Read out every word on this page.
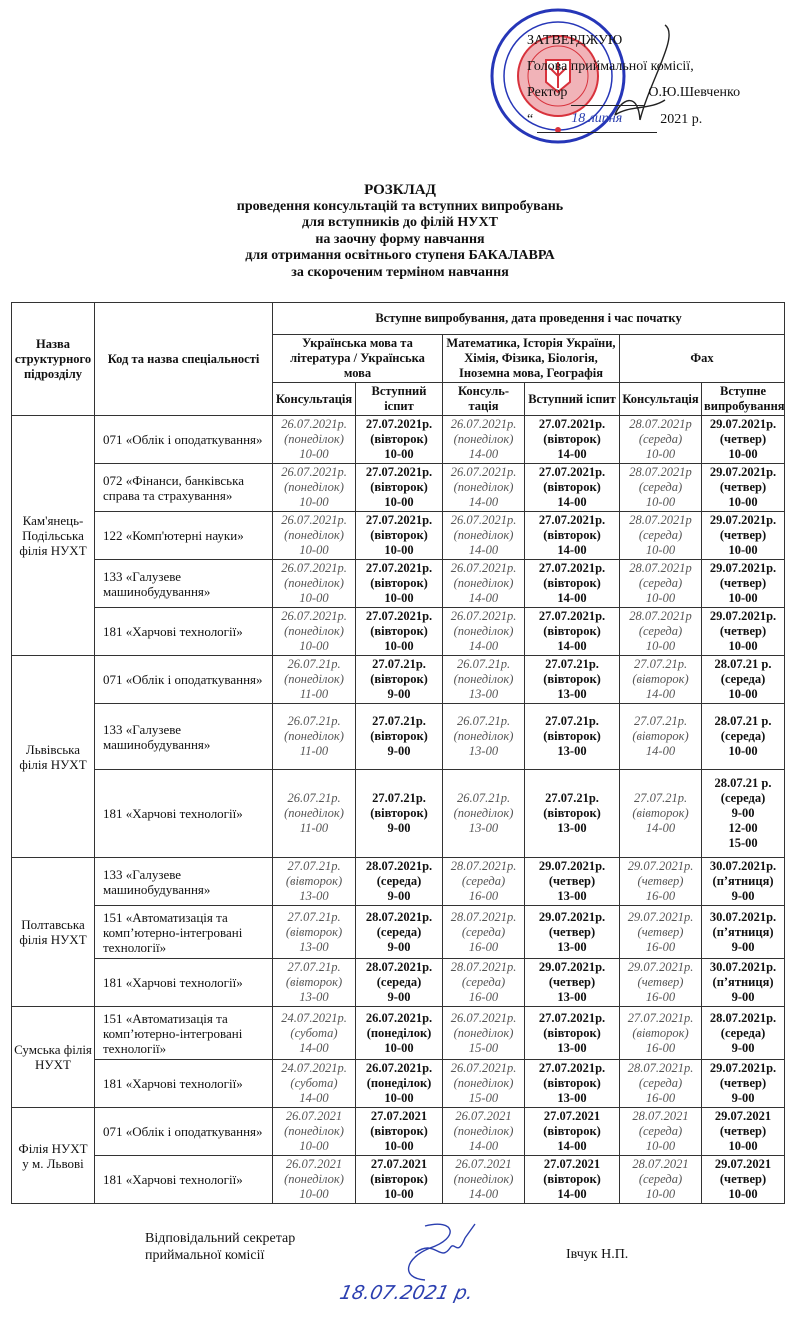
ЗАТВЕРДЖУЮ
Голова приймальної комісії,
Ректор	О.Ю.Шевченко
“	18 липня	2021 р.
РОЗКЛАД
проведення консультацій та вступних випробувань
для вступників до філій НУХТ
на заочну форму навчання
для отримання освітнього ступеня БАКАЛАВРА
за скороченим терміном навчання
Назва структурного підрозділу	Код та назва спеціальності	Вступне випробування, дата проведення і час початку					
		Українська мова та література / Українська мова		Математика, Історія України, Хімія, Фізика, Біологія, Іноземна мова, Географія		Фах	
		Консультація	Вступний іспит	Консуль-тація	Вступний іспит	Консультація	Вступне випробування
Кам'янець-Подільська філія НУХТ	071 «Облік і оподаткування»	26.07.2021р.
(понеділок)
10-00	27.07.2021р.
(вівторок)
10-00	26.07.2021р.
(понеділок)
14-00	27.07.2021р.
(вівторок)
14-00	28.07.2021р
(середа)
10-00	29.07.2021р.
(четвер)
10-00

	072 «Фінанси, банківська справа та страхування»	26.07.2021р.
(понеділок)
10-00	27.07.2021р.
(вівторок)
10-00	26.07.2021р.
(понеділок)
14-00	27.07.2021р.
(вівторок)
14-00	28.07.2021р
(середа)
10-00	29.07.2021р.
(четвер)
10-00

	122 «Комп'ютерні науки»	26.07.2021р.
(понеділок)
10-00	27.07.2021р.
(вівторок)
10-00	26.07.2021р.
(понеділок)
14-00	27.07.2021р.
(вівторок)
14-00	28.07.2021р
(середа)
10-00	29.07.2021р.
(четвер)
10-00

	133 «Галузеве машинобудування»	26.07.2021р.
(понеділок)
10-00	27.07.2021р.
(вівторок)
10-00	26.07.2021р.
(понеділок)
14-00	27.07.2021р.
(вівторок)
14-00	28.07.2021р
(середа)
10-00	29.07.2021р.
(четвер)
10-00

	181 «Харчові технології»	26.07.2021р.
(понеділок)
10-00	27.07.2021р.
(вівторок)
10-00	26.07.2021р.
(понеділок)
14-00	27.07.2021р.
(вівторок)
14-00	28.07.2021р
(середа)
10-00	29.07.2021р.
(четвер)
10-00

Львівська філія НУХТ	071 «Облік і оподаткування»	26.07.21р.
(понеділок)
11-00	27.07.21р.
(вівторок)
9-00	26.07.21р.
(понеділок)
13-00	27.07.21р.
(вівторок)
13-00	27.07.21р.
(вівторок)
14-00	28.07.21 р.
(середа)
10-00

	133 «Галузеве машинобудування»	26.07.21р.
(понеділок)
11-00	27.07.21р.
(вівторок)
9-00	26.07.21р.
(понеділок)
13-00	27.07.21р.
(вівторок)
13-00	27.07.21р.
(вівторок)
14-00	28.07.21 р.
(середа)
10-00

	181 «Харчові технології»	26.07.21р.
(понеділок)
11-00	27.07.21р.
(вівторок)
9-00	26.07.21р.
(понеділок)
13-00	27.07.21р.
(вівторок)
13-00	27.07.21р.
(вівторок)
14-00	28.07.21 р.
(середа)
9-00
12-00
15-00

Полтавська філія НУХТ	133 «Галузеве машинобудування»	27.07.21р.
(вівторок)
13-00	28.07.2021р.
(середа)
9-00	28.07.2021р.
(середа)
16-00	29.07.2021р.
(четвер)
13-00	29.07.2021р.
(четвер)
16-00	30.07.2021р.
(п’ятниця)
9-00

	151 «Автоматизація та комп’ютерно-інтегровані технології»	27.07.21р.
(вівторок)
13-00	28.07.2021р.
(середа)
9-00	28.07.2021р.
(середа)
16-00	29.07.2021р.
(четвер)
13-00	29.07.2021р.
(четвер)
16-00	30.07.2021р.
(п’ятниця)
9-00

	181 «Харчові технології»	27.07.21р.
(вівторок)
13-00	28.07.2021р.
(середа)
9-00	28.07.2021р.
(середа)
16-00	29.07.2021р.
(четвер)
13-00	29.07.2021р.
(четвер)
16-00	30.07.2021р.
(п’ятниця)
9-00

Сумська філія НУХТ	151 «Автоматизація та комп’ютерно-інтегровані технології»	24.07.2021р.
(субота)
14-00	26.07.2021р.
(понеділок)
10-00	26.07.2021р.
(понеділок)
15-00	27.07.2021р.
(вівторок)
13-00	27.07.2021р.
(вівторок)
16-00	28.07.2021р.
(середа)
9-00

	181 «Харчові технології»	24.07.2021р.
(субота)
14-00	26.07.2021р.
(понеділок)
10-00	26.07.2021р.
(понеділок)
15-00	27.07.2021р.
(вівторок)
13-00	28.07.2021р.
(середа)
16-00	29.07.2021р.
(четвер)
9-00

Філія НУХТ у м. Львові	071 «Облік і оподаткування»	26.07.2021
(понеділок)
10-00	27.07.2021
(вівторок)
10-00	26.07.2021
(понеділок)
14-00	27.07.2021
(вівторок)
14-00	28.07.2021
(середа)
10-00	29.07.2021
(четвер)
10-00

	181 «Харчові технології»	26.07.2021
(понеділок)
10-00	27.07.2021
(вівторок)
10-00	26.07.2021
(понеділок)
14-00	27.07.2021
(вівторок)
14-00	28.07.2021
(середа)
10-00	29.07.2021
(четвер)
10-00
Відповідальний секретар
приймальної комісії	Івчук Н.П.
18.07.2021 р.
